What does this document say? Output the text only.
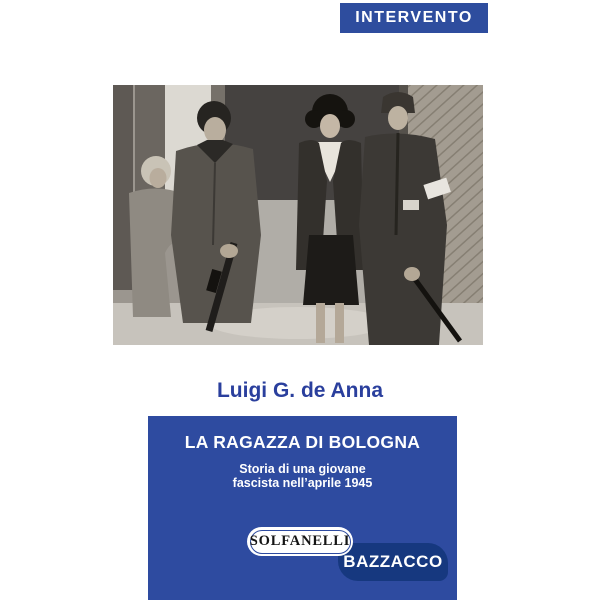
INTERVENTO
Luigi G. de Anna
LA RAGAZZA DI BOLOGNA
Storia di una giovane
fascista nell’aprile 1945
SOLFANELLI
BAZZACCO
